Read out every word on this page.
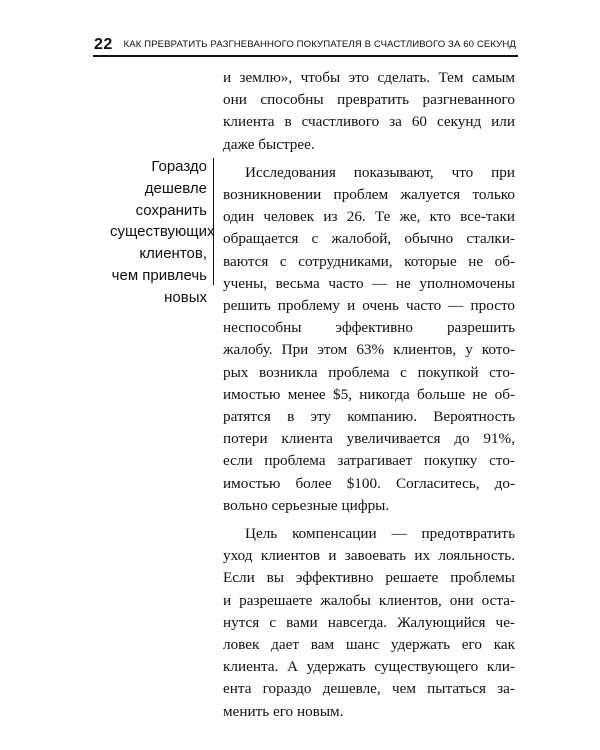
22 КАК ПРЕВРАТИТЬ РАЗГНЕВАННОГО ПОКУПАТЕЛЯ В СЧАСТЛИВОГО ЗА 60 СЕКУНД
Гораздо
дешевле
сохранить
существующих
клиентов,
чем привлечь
новых
и землю», чтобы это сделать. Тем самым
они способны превратить разгневанного
клиента в счастливого за 60 секунд или
даже быстрее.
Исследования показывают, что при
возникновении проблем жалуется только
один человек из 26. Те же, кто все-таки
обращается с жалобой, обычно сталки-
ваются с сотрудниками, которые не об-
учены, весьма часто — не уполномочены
решить проблему и очень часто — просто
неспособны эффективно разрешить
жалобу. При этом 63% клиентов, у кото-
рых возникла проблема с покупкой сто-
имостью менее $5, никогда больше не об-
ратятся в эту компанию. Вероятность
потери клиента увеличивается до 91%,
если проблема затрагивает покупку сто-
имостью более $100. Согласитесь, до-
вольно серьезные цифры.
Цель компенсации — предотвратить
уход клиентов и завоевать их лояльность.
Если вы эффективно решаете проблемы
и разрешаете жалобы клиентов, они оста-
нутся с вами навсегда. Жалующийся че-
ловек дает вам шанс удержать его как
клиента. А удержать существующего кли-
ента гораздо дешевле, чем пытаться за-
менить его новым.
